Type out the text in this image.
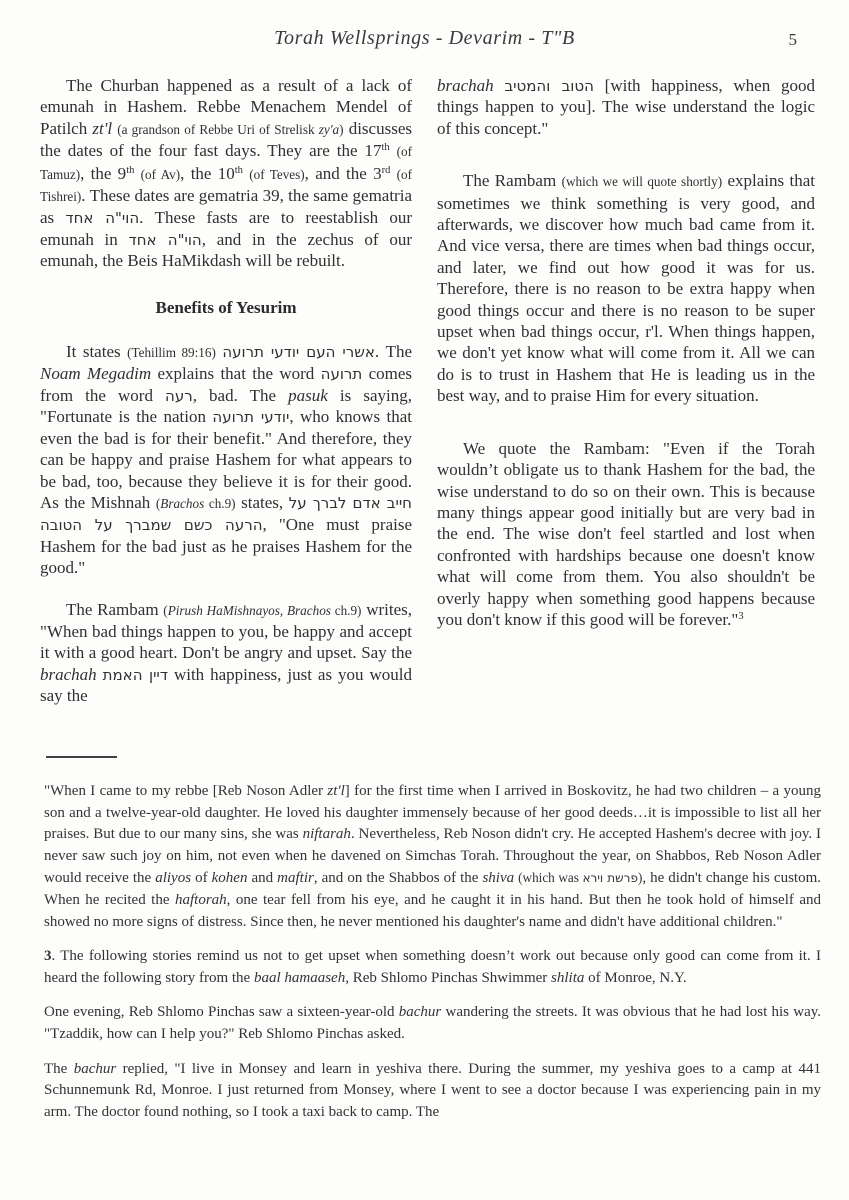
Torah Wellsprings - Devarim - T"B	5

The Churban happened as a result of a lack of emunah in Hashem. Rebbe Menachem Mendel of Patilch zt'l (a grandson of Rebbe Uri of Strelisk zy'a) discusses the dates of the four fast days. They are the 17th (of Tamuz), the 9th (of Av), the 10th (of Teves), and the 3rd (of Tishrei). These dates are gematria 39, the same gematria as הוי"ה אחד. These fasts are to reestablish our emunah in הוי"ה אחד, and in the zechus of our emunah, the Beis HaMikdash will be rebuilt.

Benefits of Yesurim

It states (Tehillim 89:16) אשרי העם יודעי תרועה. The Noam Megadim explains that the word תרועה comes from the word רעה, bad. The pasuk is saying, "Fortunate is the nation יודעי תרועה, who knows that even the bad is for their benefit." And therefore, they can be happy and praise Hashem for what appears to be bad, too, because they believe it is for their good. As the Mishnah (Brachos ch.9) states, חייב אדם לברך על הרעה כשם שמברך על הטובה, "One must praise Hashem for the bad just as he praises Hashem for the good."

The Rambam (Pirush HaMishnayos, Brachos ch.9) writes, "When bad things happen to you, be happy and accept it with a good heart. Don't be angry and upset. Say the brachah דיין האמת with happiness, just as you would say the

brachah הטוב והמטיב [with happiness, when good things happen to you]. The wise understand the logic of this concept."

The Rambam (which we will quote shortly) explains that sometimes we think something is very good, and afterwards, we discover how much bad came from it. And vice versa, there are times when bad things occur, and later, we find out how good it was for us. Therefore, there is no reason to be extra happy when good things occur and there is no reason to be super upset when bad things occur, r'l. When things happen, we don't yet know what will come from it. All we can do is to trust in Hashem that He is leading us in the best way, and to praise Him for every situation.

We quote the Rambam: "Even if the Torah wouldn’t obligate us to thank Hashem for the bad, the wise understand to do so on their own. This is because many things appear good initially but are very bad in the end. The wise don't feel startled and lost when confronted with hardships because one doesn't know what will come from them. You also shouldn't be overly happy when something good happens because you don't know if this good will be forever."$^3$

"When I came to my rebbe [Reb Noson Adler zt'l] for the first time when I arrived in Boskovitz, he had two children – a young son and a twelve-year-old daughter. He loved his daughter immensely because of her good deeds…it is impossible to list all her praises. But due to our many sins, she was niftarah. Nevertheless, Reb Noson didn't cry. He accepted Hashem's decree with joy. I never saw such joy on him, not even when he davened on Simchas Torah. Throughout the year, on Shabbos, Reb Noson Adler would receive the aliyos of kohen and maftir, and on the Shabbos of the shiva (which was פרשת וירא), he didn't change his custom. When he recited the haftorah, one tear fell from his eye, and he caught it in his hand. But then he took hold of himself and showed no more signs of distress. Since then, he never mentioned his daughter's name and didn't have additional children."

3. The following stories remind us not to get upset when something doesn’t work out because only good can come from it. I heard the following story from the baal hamaaseh, Reb Shlomo Pinchas Shwimmer shlita of Monroe, N.Y.

One evening, Reb Shlomo Pinchas saw a sixteen-year-old bachur wandering the streets. It was obvious that he had lost his way. "Tzaddik, how can I help you?" Reb Shlomo Pinchas asked.

The bachur replied, "I live in Monsey and learn in yeshiva there. During the summer, my yeshiva goes to a camp at 441 Schunnemunk Rd, Monroe. I just returned from Monsey, where I went to see a doctor because I was experiencing pain in my arm. The doctor found nothing, so I took a taxi back to camp. The
